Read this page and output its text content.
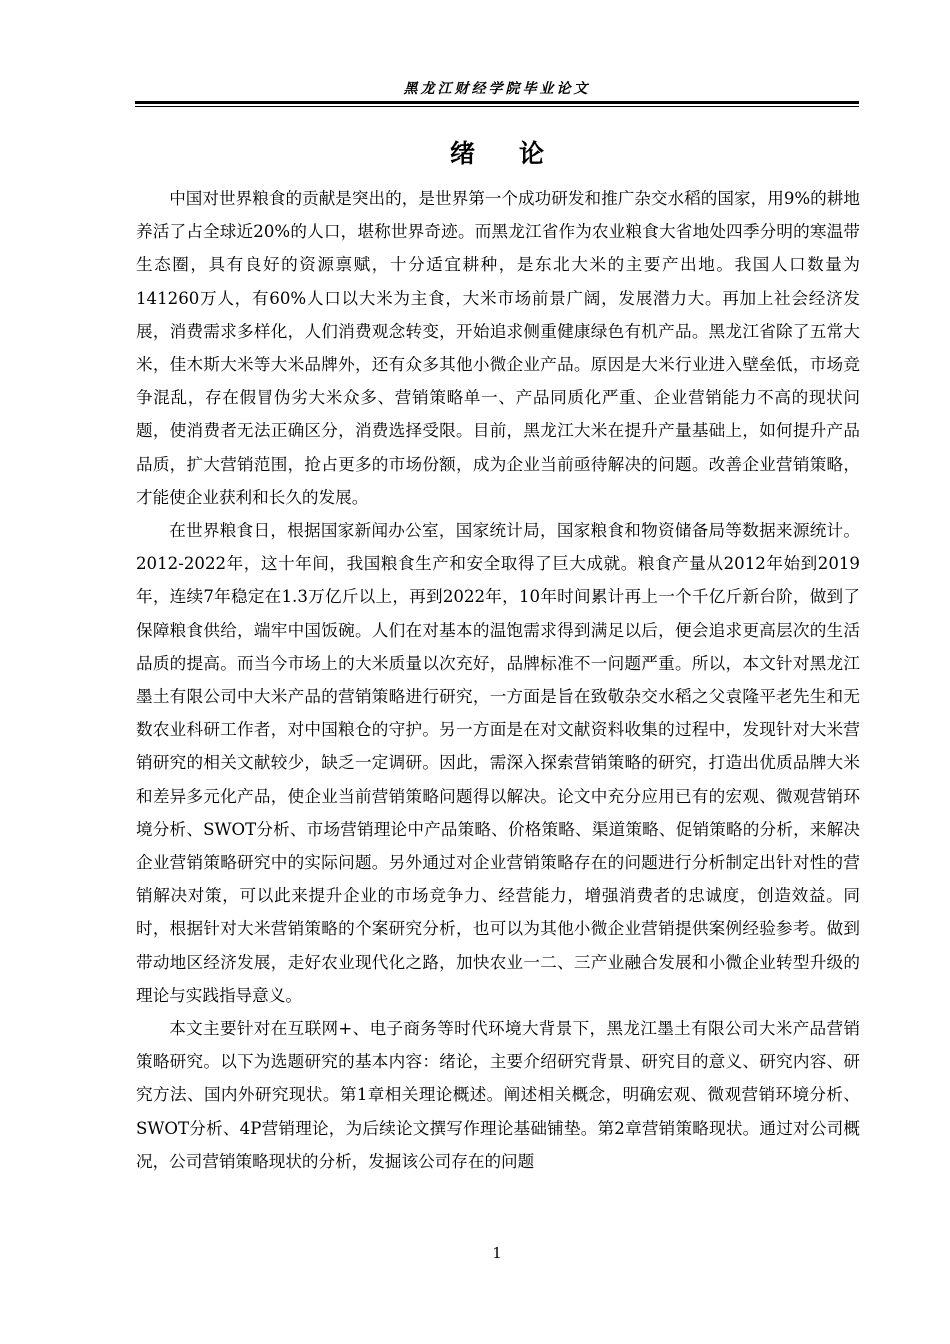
黑龙江财经学院毕业论文
绪论

中国对世界粮食的贡献是突出的，是世界第一个成功研发和推广杂交水稻的国家，用9%的耕地养活了占全球近20%的人口，堪称世界奇迹。而黑龙江省作为农业粮食大省地处四季分明的寒温带生态圈，具有良好的资源禀赋，十分适宜耕种，是东北大米的主要产出地。我国人口数量为141260万人，有60%人口以大米为主食，大米市场前景广阔，发展潜力大。再加上社会经济发展，消费需求多样化，人们消费观念转变，开始追求侧重健康绿色有机产品。黑龙江省除了五常大米，佳木斯大米等大米品牌外，还有众多其他小微企业产品。原因是大米行业进入壁垒低，市场竞争混乱，存在假冒伪劣大米众多、营销策略单一、产品同质化严重、企业营销能力不高的现状问题，使消费者无法正确区分，消费选择受限。目前，黑龙江大米在提升产量基础上，如何提升产品品质，扩大营销范围，抢占更多的市场份额，成为企业当前亟待解决的问题。改善企业营销策略，才能使企业获利和长久的发展。

在世界粮食日，根据国家新闻办公室，国家统计局，国家粮食和物资储备局等数据来源统计。2012-2022年，这十年间，我国粮食生产和安全取得了巨大成就。粮食产量从2012年始到2019年，连续7年稳定在1.3万亿斤以上，再到2022年，10年时间累计再上一个千亿斤新台阶，做到了保障粮食供给，端牢中国饭碗。人们在对基本的温饱需求得到满足以后，便会追求更高层次的生活品质的提高。而当今市场上的大米质量以次充好，品牌标准不一问题严重。所以，本文针对黑龙江墨土有限公司中大米产品的营销策略进行研究，一方面是旨在致敬杂交水稻之父袁隆平老先生和无数农业科研工作者，对中国粮仓的守护。另一方面是在对文献资料收集的过程中，发现针对大米营销研究的相关文献较少，缺乏一定调研。因此，需深入探索营销策略的研究，打造出优质品牌大米和差异多元化产品，使企业当前营销策略问题得以解决。论文中充分应用已有的宏观、微观营销环境分析、SWOT分析、市场营销理论中产品策略、价格策略、渠道策略、促销策略的分析，来解决企业营销策略研究中的实际问题。另外通过对企业营销策略存在的问题进行分析制定出针对性的营销解决对策，可以此来提升企业的市场竞争力、经营能力，增强消费者的忠诚度，创造效益。同时，根据针对大米营销策略的个案研究分析，也可以为其他小微企业营销提供案例经验参考。做到带动地区经济发展，走好农业现代化之路，加快农业一二、三产业融合发展和小微企业转型升级的理论与实践指导意义。

本文主要针对在互联网+、电子商务等时代环境大背景下，黑龙江墨土有限公司大米产品营销策略研究。以下为选题研究的基本内容：绪论，主要介绍研究背景、研究目的意义、研究内容、研究方法、国内外研究现状。第1章相关理论概述。阐述相关概念，明确宏观、微观营销环境分析、SWOT分析、4P营销理论，为后续论文撰写作理论基础铺垫。第2章营销策略现状。通过对公司概况，公司营销策略现状的分析，发掘该公司存在的问题

1
